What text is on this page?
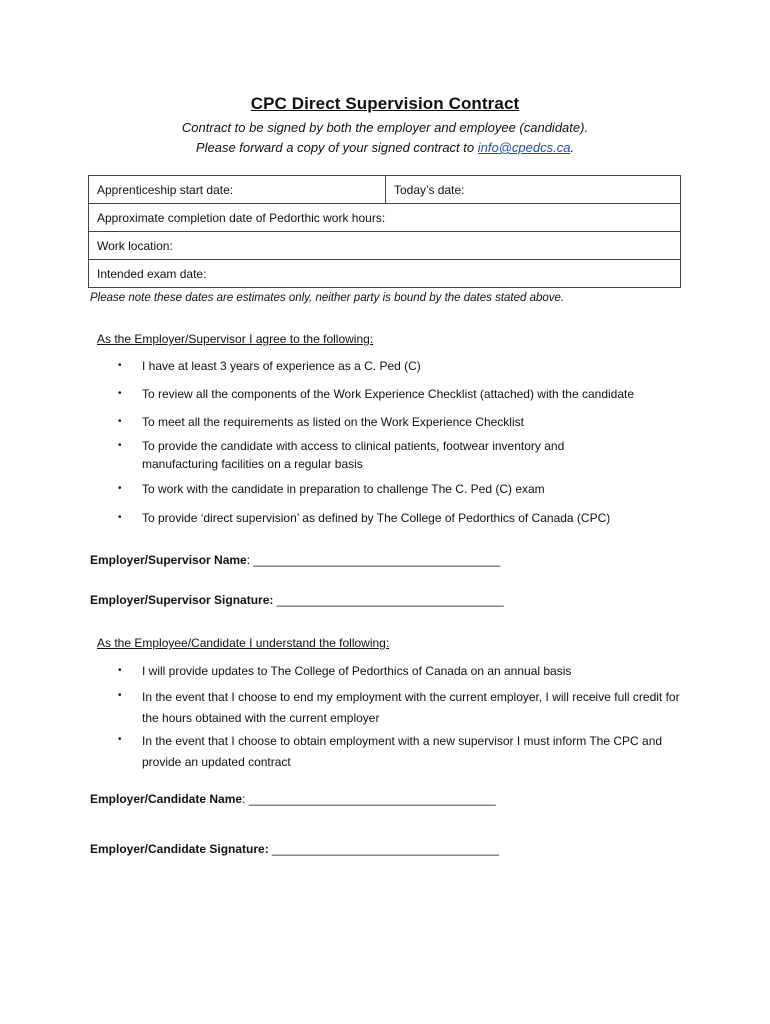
CPC Direct Supervision Contract
Contract to be signed by both the employer and employee (candidate).
Please forward a copy of your signed contract to info@cpedcs.ca.
Apprenticeship start date:	Today’s date:
Approximate completion date of Pedorthic work hours:
Work location:
Intended exam date:
Please note these dates are estimates only, neither party is bound by the dates stated above.
As the Employer/Supervisor I agree to the following:
•	I have at least 3 years of experience as a C. Ped (C)
•	To review all the components of the Work Experience Checklist (attached) with the candidate
•	To meet all the requirements as listed on the Work Experience Checklist
•	To provide the candidate with access to clinical patients, footwear inventory and manufacturing facilities on a regular basis
•	To work with the candidate in preparation to challenge The C. Ped (C) exam
•	To provide ‘direct supervision’ as defined by The College of Pedorthics of Canada (CPC)
Employer/Supervisor Name: _____________________________________
Employer/Supervisor Signature: __________________________________
As the Employee/Candidate I understand the following:
•	I will provide updates to The College of Pedorthics of Canada on an annual basis
•	In the event that I choose to end my employment with the current employer, I will receive full credit for the hours obtained with the current employer
•	In the event that I choose to obtain employment with a new supervisor I must inform The CPC and provide an updated contract
Employer/Candidate Name: _____________________________________
Employer/Candidate Signature: __________________________________
